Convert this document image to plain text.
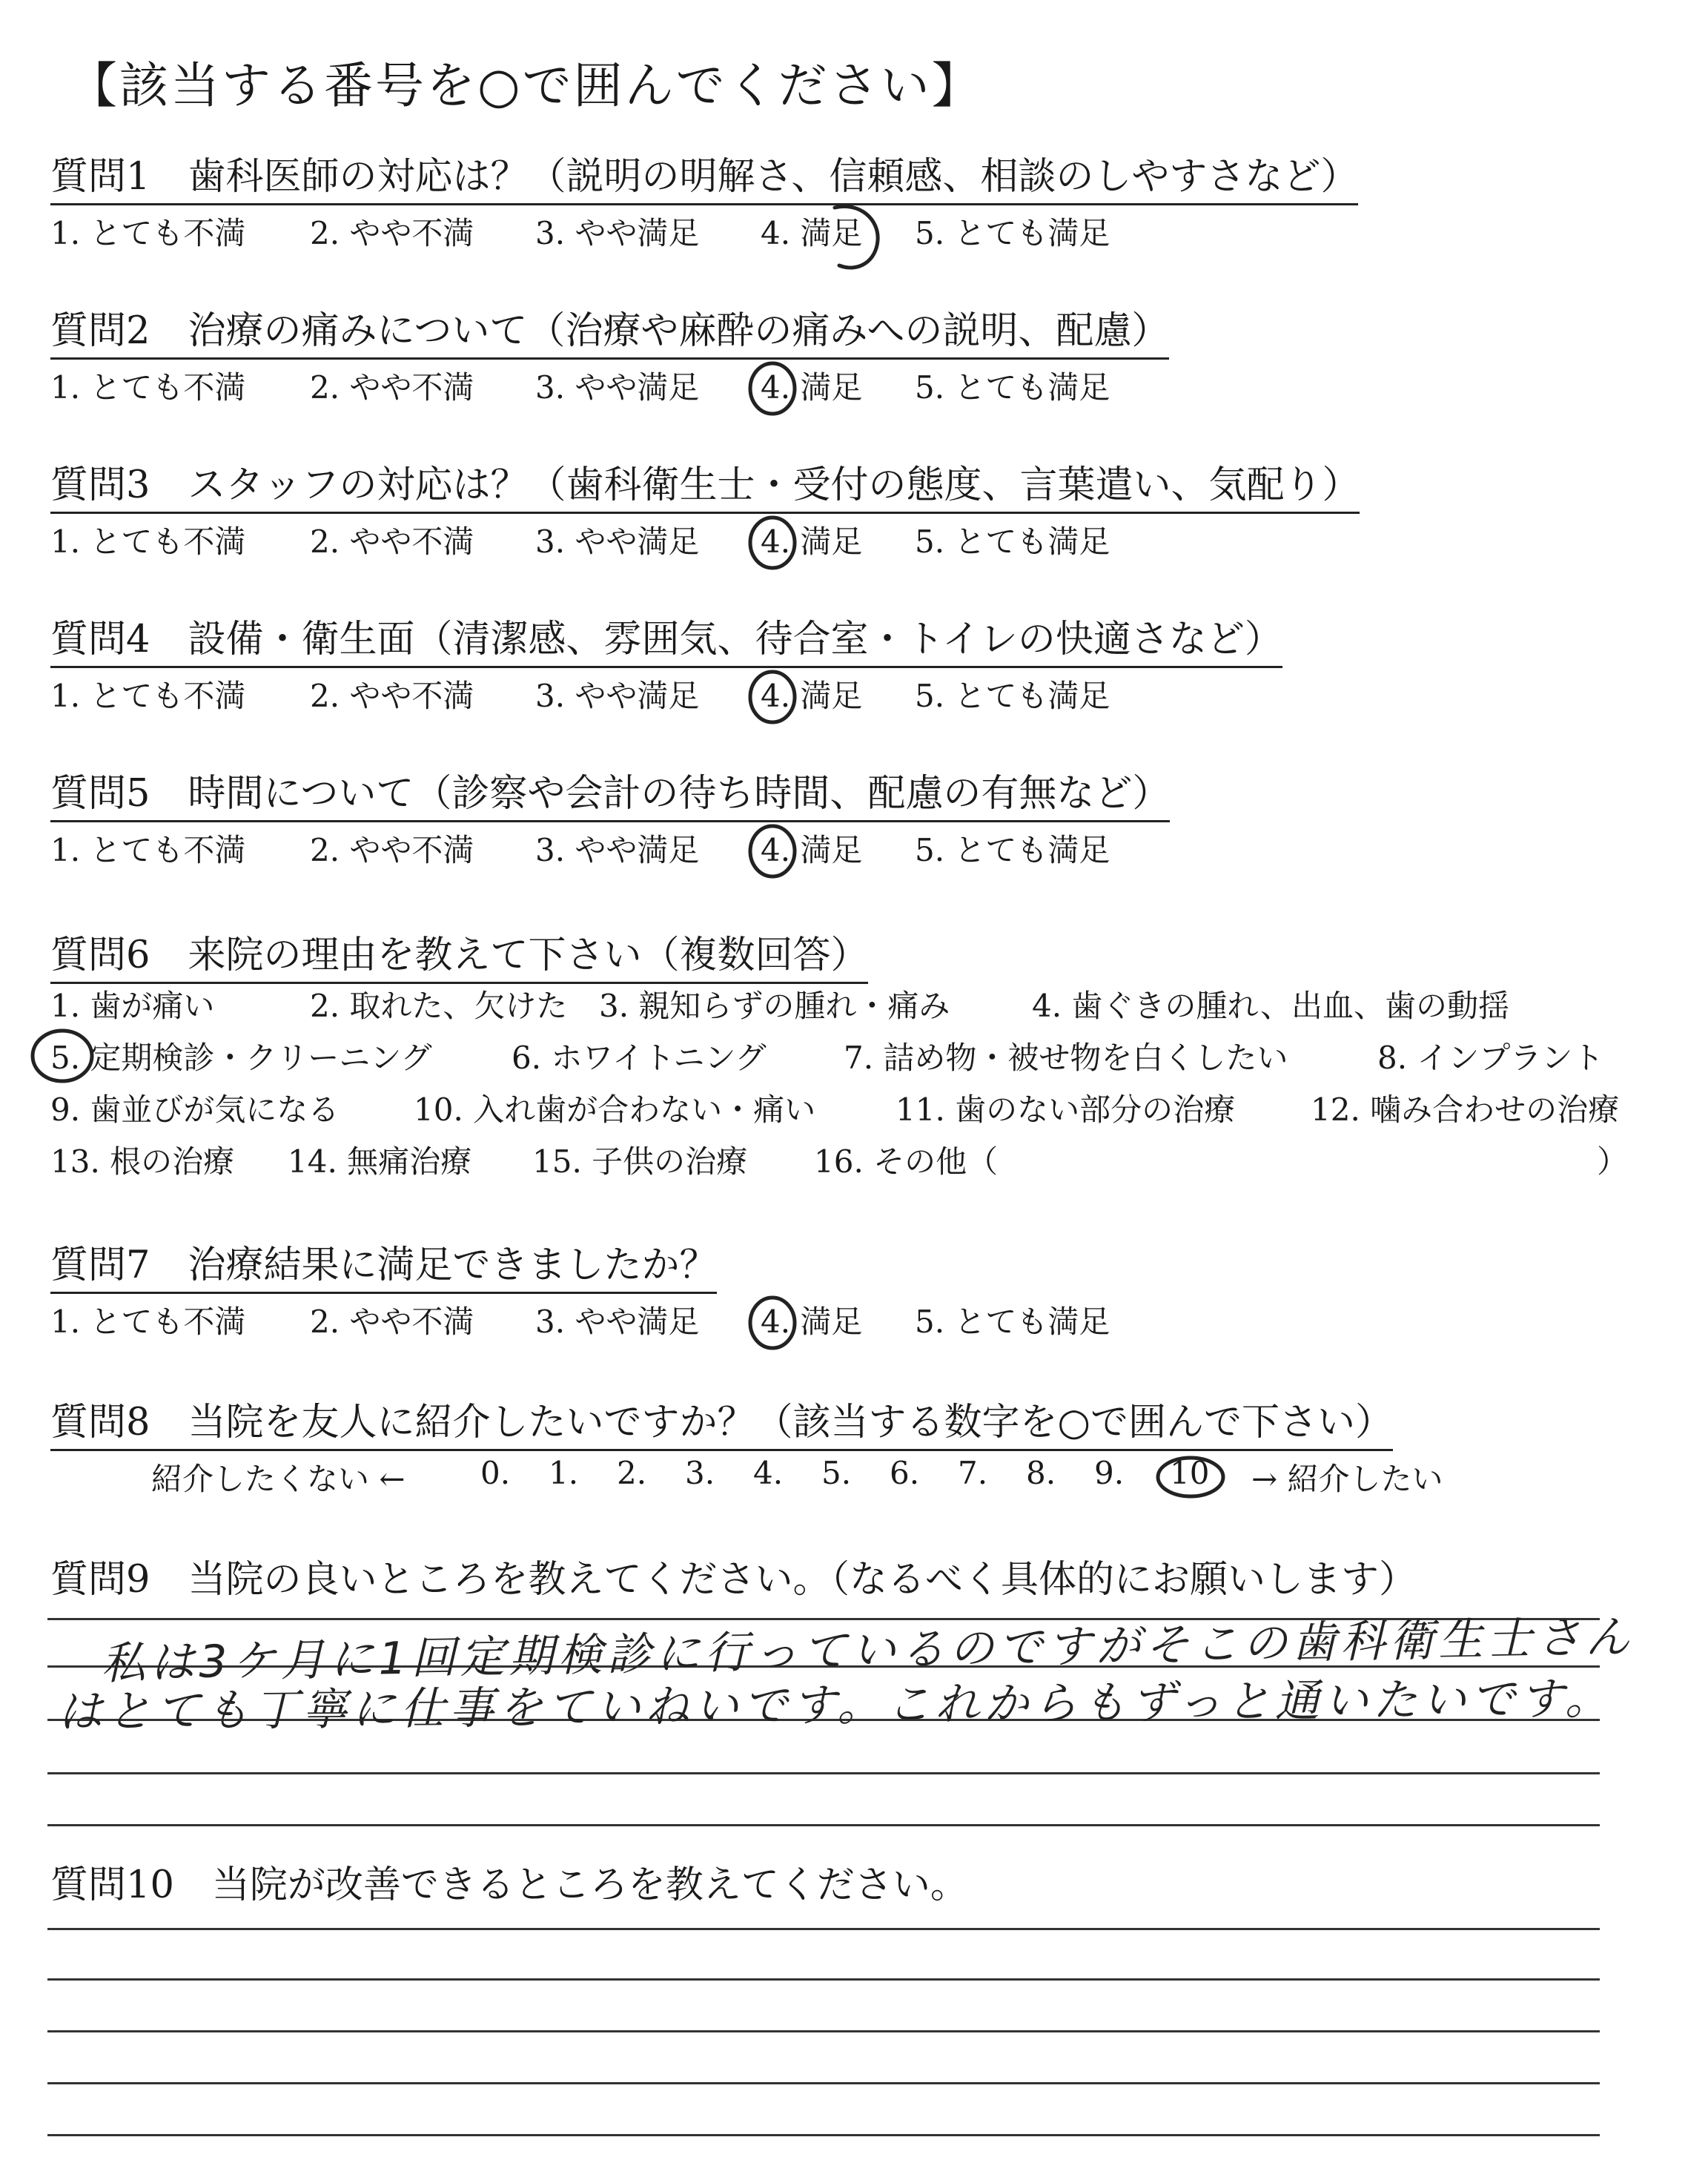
【該当する番号を○で囲んでください】
質問1　歯科医師の対応は？（説明の明解さ、信頼感、相談のしやすさなど）
1. とても不満 2. やや不満 3. やや満足 4. 満足 5. とても満足
質問2　治療の痛みについて（治療や麻酔の痛みへの説明、配慮）
1. とても不満 2. やや不満 3. やや満足 4. 満足 5. とても満足
質問3　スタッフの対応は？（歯科衛生士・受付の態度、言葉遣い、気配り）
1. とても不満 2. やや不満 3. やや満足 4. 満足 5. とても満足
質問4　設備・衛生面（清潔感、雰囲気、待合室・トイレの快適さなど）
1. とても不満 2. やや不満 3. やや満足 4. 満足 5. とても満足
質問5　時間について（診察や会計の待ち時間、配慮の有無など）
1. とても不満 2. やや不満 3. やや満足 4. 満足 5. とても満足
質問6　来院の理由を教えて下さい（複数回答）
1. 歯が痛い	2. 取れた、欠けた 3. 親知らずの腫れ・痛み	4. 歯ぐきの腫れ、出血、歯の動揺
5. 定期検診・クリーニング	6. ホワイトニング 7. 詰め物・被せ物を白くしたい	8. インプラント
9. 歯並びが気になる 10. 入れ歯が合わない・痛い	11. 歯のない部分の治療 12. 噛み合わせの治療
13. 根の治療 14. 無痛治療 15. 子供の治療 16. その他（	）
質問7　治療結果に満足できましたか？
1. とても不満 2. やや不満 3. やや満足 4. 満足 5. とても満足
質問8　当院を友人に紹介したいですか？（該当する数字を○で囲んで下さい）
紹介したくない ← 0. 1. 2. 3. 4. 5. 6. 7. 8. 9. 10 → 紹介したい
質問9　当院の良いところを教えてください。（なるべく具体的にお願いします）
私は3ケ月に1回定期検診に行っているのですがそこの歯科衛生士さん
はとても丁寧に仕事をていねいです。これからもずっと通いたいです。
質問10　当院が改善できるところを教えてください。
